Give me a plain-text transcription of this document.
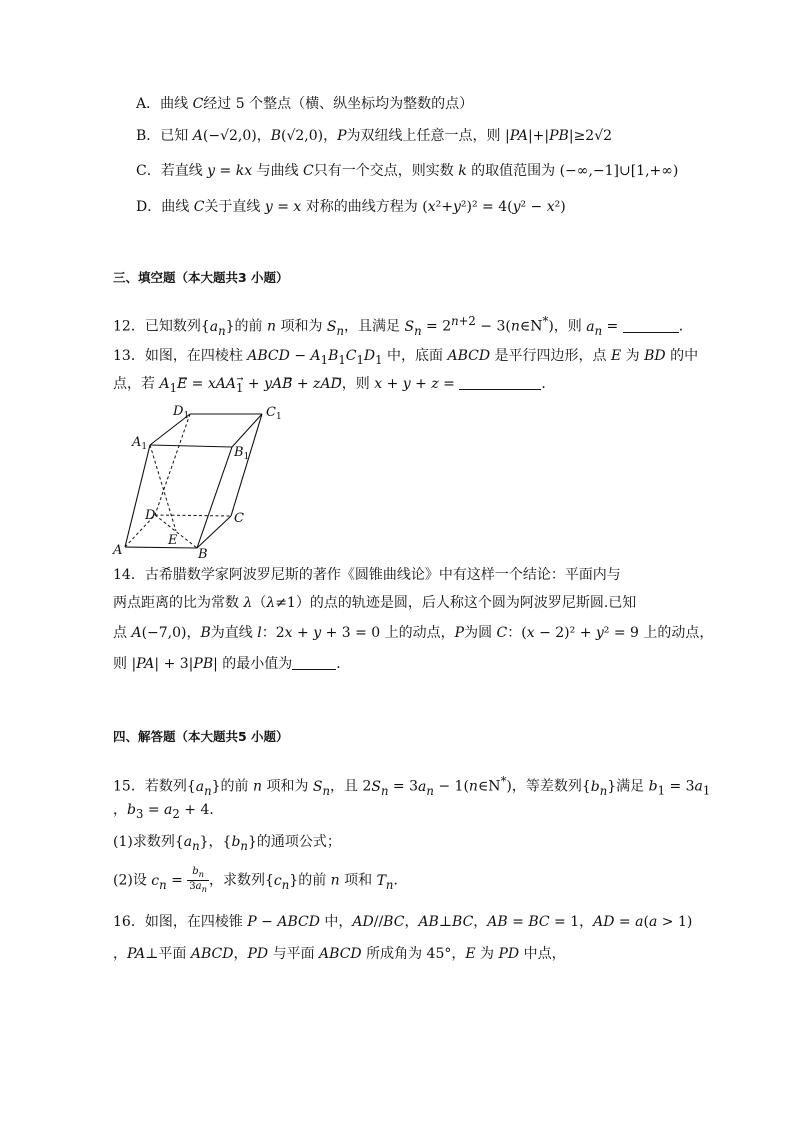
A．曲线 C经过 5 个整点（横、纵坐标均为整数的点）
B．已知 A(−√2,0)，B(√2,0)，P为双纽线上任意一点，则 |PA|+|PB|≥2√2
C．若直线 y = kx 与曲线 C只有一个交点，则实数 k 的取值范围为 (−∞,−1]∪[1,+∞)
D．曲线 C关于直线 y = x 对称的曲线方程为 (x²+y²)² = 4(y² − x²)
三、填空题（本大题共3 小题）
12．已知数列$\{a_n\}$的前 n 项和为 $S_n$，且满足 $S_n = 2^{n+2}$ − 3(n∈N*)，则 $a_n$ =	．
13．如图，在四棱柱 ABCD − $A_1B_1C_1D_1$ 中，底面 ABCD 是平行四边形，点 E 为 BD 的中
点，若 $A_1E⃗$ = xAA$_1$⃗ + yAB⃗ + zAD⃗，则 x + y + z =	．
$D_1$	$C_1$
$A_1$	$B_1$
D	C
A
E
B
14．古希腊数学家阿波罗尼斯的著作《圆锥曲线论》中有这样一个结论：平面内与
两点距离的比为常数 λ（λ≠1）的点的轨迹是圆，后人称这个圆为阿波罗尼斯圆.已知
点 A(−7,0)，B为直线 l：2x + y + 3 = 0 上的动点，P为圆 C：(x − 2)² + y² = 9 上的动点，
则 |PA| + 3|PB| 的最小值为	．
四、解答题（本大题共5 小题）
15．若数列$\{a_n\}$的前 n 项和为 $S_n$，且 $2S_n = 3a_n$ − 1(n∈N*)，等差数列$\{b_n\}$满足 $b_1 = 3a_1$
，$b_3 = a_2 + 4$．
(1)求数列$\{a_n\}$，$\{b_n\}$的通项公式；
(2)设 $c_n = \frac{b_n}{3a_n}$ ，求数列$\{c_n\}$的前 n 项和 $T_n$．
16．如图，在四棱锥 P − ABCD 中，AD//BC，AB⊥BC，AB = BC = 1，AD = a(a > 1)
，PA⊥平面 ABCD，PD 与平面 ABCD 所成角为 45°，E 为 PD 中点，
